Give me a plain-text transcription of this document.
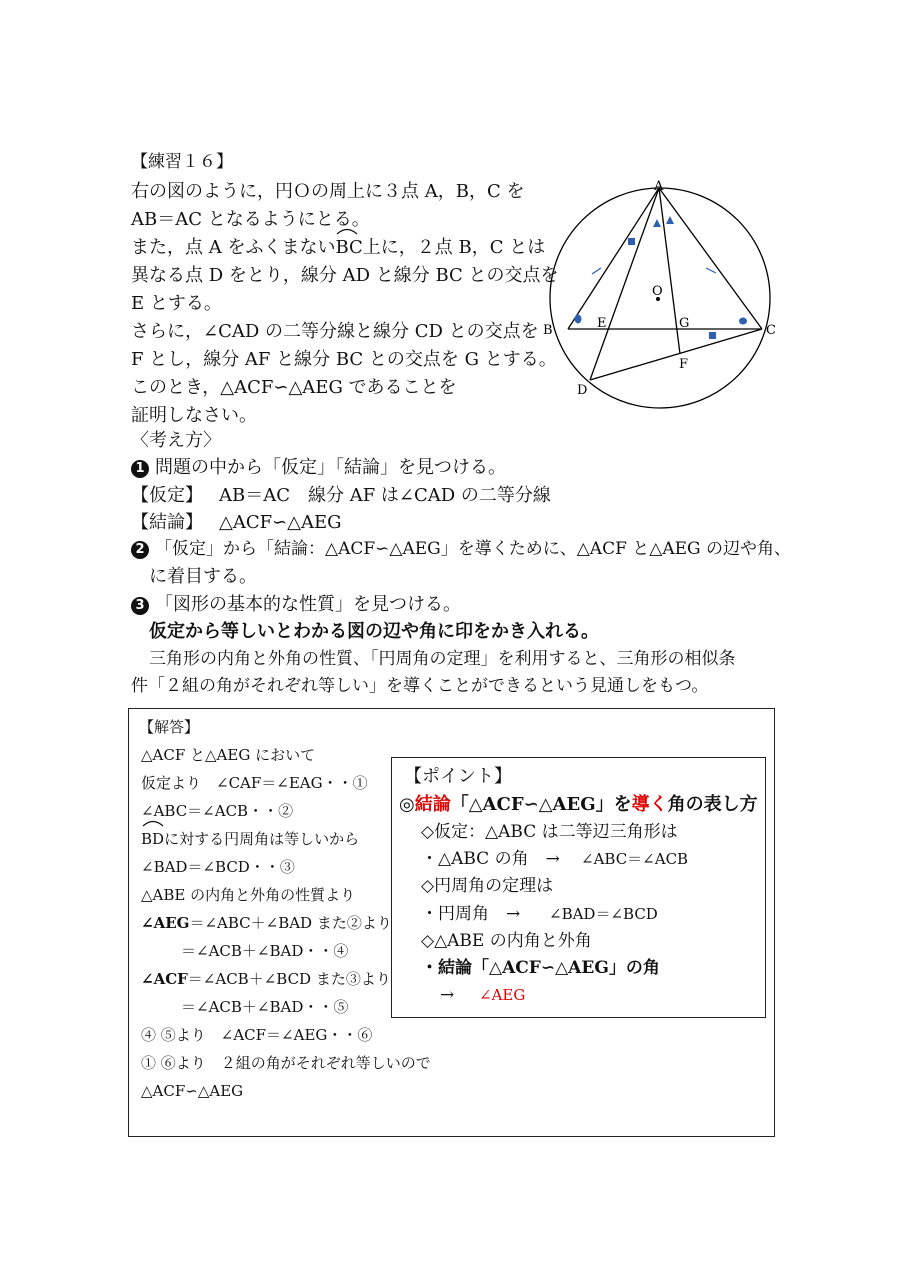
【練習１６】
右の図のように，円Ｏの周上に３点 A，B，C を
AB＝AC となるようにとる。
また，点 A をふくまない
BC上に，２点 B，C とは
異なる点 D をとり，線分 AD と線分 BC との交点を
E とする。
さらに，∠CAD の二等分線と線分 CD との交点を
F とし，線分 AF と線分 BC との交点を G とする。
このとき，△ACF∽△AEG であることを
証明しなさい。
A
B	C
D
E
F
G
O
〈考え方〉
1 問題の中から「仮定」「結論」を見つける。
【仮定】 AB＝AC　線分 AF は∠CAD の二等分線
【結論】 △ACF∽△AEG
2 「仮定」から「結論：△ACF∽△AEG」を導くために、△ACF と△AEG の辺や角、
に着目する。
3 「図形の基本的な性質」を見つける。
仮定から等しいとわかる図の辺や角に印をかき入れる。
三角形の内角と外角の性質、「円周角の定理」を利用すると、三角形の相似条
件「２組の角がそれぞれ等しい」を導くことができるという見通しをもつ。
【解答】
△ACF と△AEG において
仮定より　∠CAF＝∠EAG・・①
∠ABC＝∠ACB・・②
BDに対する円周角は等しいから
∠BAD＝∠BCD・・③
△ABE の内角と外角の性質より
∠AEG＝∠ABC＋∠BAD また②より
＝∠ACB＋∠BAD・・④
∠ACF＝∠ACB＋∠BCD また③より
＝∠ACB＋∠BAD・・⑤
④ ⑤より　∠ACF＝∠AEG・・⑥
① ⑥より　２組の角がそれぞれ等しいので
△ACF∽△AEG
【ポイント】
◎結論「△ACF∽△AEG」を導く角の表し方
◇仮定：△ABC は二等辺三角形は
・△ABC の角　→ ∠ABC＝∠ACB
◇円周角の定理は
・円周角　→ ∠BAD＝∠BCD
◇△ABE の内角と外角
・結論「△ACF∽△AEG」の角
→ ∠AEG
